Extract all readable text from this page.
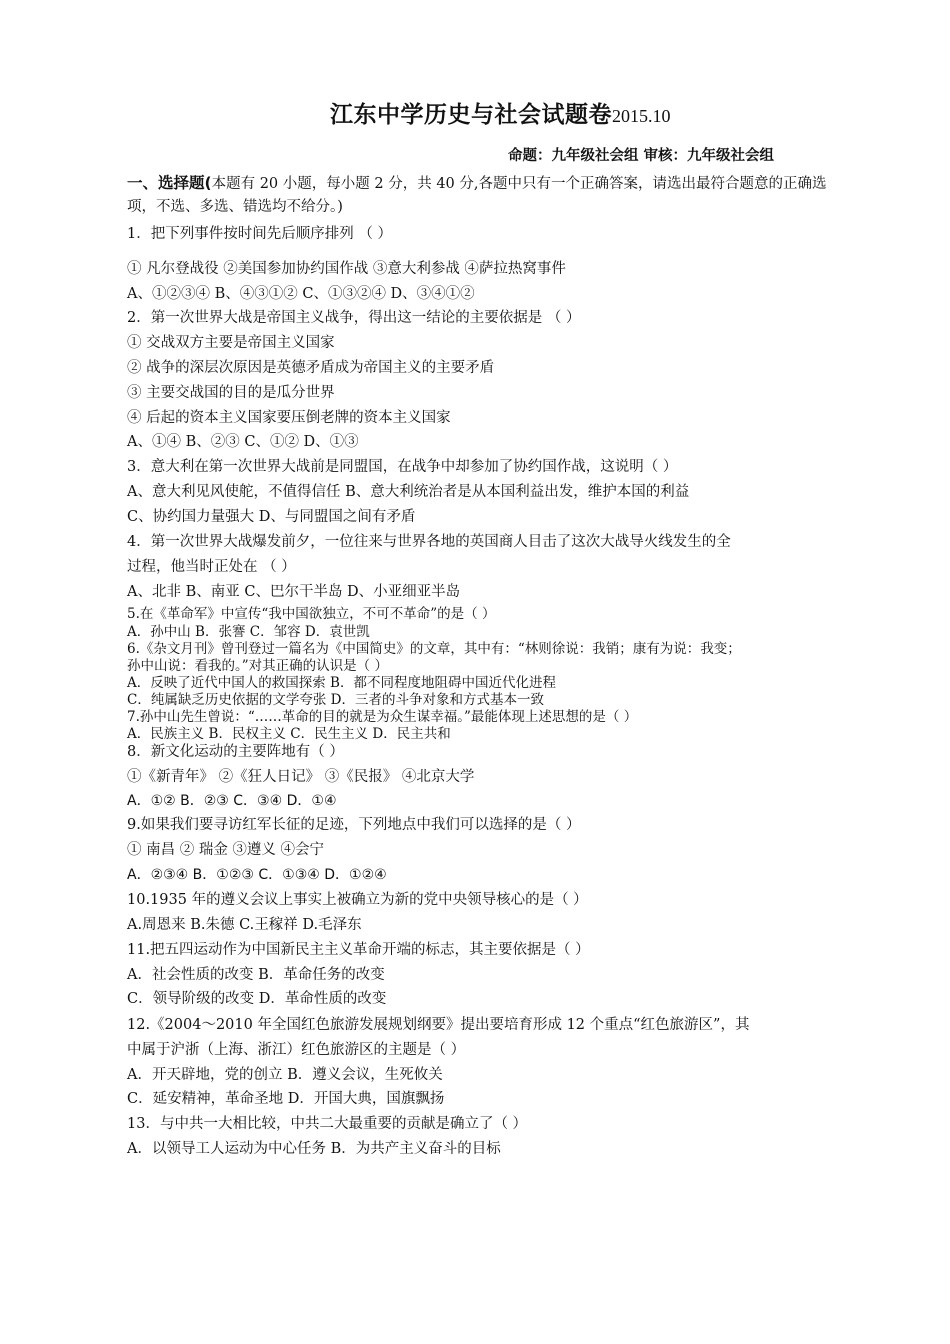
江东中学历史与社会试题卷2015.10
命题：九年级社会组 审核：九年级社会组
一、选择题(本题有 20 小题，每小题 2 分，共 40 分,各题中只有一个正确答案，请选出最符合题意的正确选项，不选、多选、错选均不给分。)
1．把下列事件按时间先后顺序排列 （ ）
① 凡尔登战役 ②美国参加协约国作战 ③意大利参战 ④萨拉热窝事件
A、①②③④ B、④③①② C、①③②④ D、③④①②
2．第一次世界大战是帝国主义战争，得出这一结论的主要依据是 （ ）
① 交战双方主要是帝国主义国家
② 战争的深层次原因是英德矛盾成为帝国主义的主要矛盾
③ 主要交战国的目的是瓜分世界
④ 后起的资本主义国家要压倒老牌的资本主义国家
A、①④ B、②③ C、①② D、①③
3．意大利在第一次世界大战前是同盟国，在战争中却参加了协约国作战，这说明（ ）
A、意大利见风使舵，不值得信任 B、意大利统治者是从本国利益出发，维护本国的利益
C、协约国力量强大 D、与同盟国之间有矛盾
4．第一次世界大战爆发前夕，一位往来与世界各地的英国商人目击了这次大战导火线发生的全
过程，他当时正处在 （ ）
A、北非 B、南亚 C、巴尔干半岛 D、小亚细亚半岛
5.在《革命军》中宣传“我中国欲独立，不可不革命”的是（ ）
A．孙中山 B．张謇 C．邹容 D．袁世凯
6.《杂文月刊》曾刊登过一篇名为《中国简史》的文章，其中有：“林则徐说：我销；康有为说：我变；
孙中山说：看我的。”对其正确的认识是（ ）
A．反映了近代中国人的救国探索 B．都不同程度地阻碍中国近代化进程
C．纯属缺乏历史依据的文学夸张 D．三者的斗争对象和方式基本一致
7.孙中山先生曾说：“……革命的目的就是为众生谋幸福。”最能体现上述思想的是（ ）
A．民族主义 B．民权主义 C．民生主义 D．民主共和
8．新文化运动的主要阵地有（ ）
①《新青年》 ②《狂人日记》 ③《民报》 ④北京大学
A．①② B．②③ C．③④ D．①④
9.如果我们要寻访红军长征的足迹，下列地点中我们可以选择的是（ ）
① 南昌 ② 瑞金 ③遵义 ④会宁
A．②③④ B．①②③ C．①③④ D．①②④
10.1935 年的遵义会议上事实上被确立为新的党中央领导核心的是（ ）
A.周恩来 B.朱德 C.王稼祥 D.毛泽东
11.把五四运动作为中国新民主主义革命开端的标志，其主要依据是（ ）
A．社会性质的改变 B．革命任务的改变
C．领导阶级的改变 D．革命性质的改变
12.《2004～2010 年全国红色旅游发展规划纲要》提出要培育形成 12 个重点“红色旅游区”，其
中属于沪浙（上海、浙江）红色旅游区的主题是（ ）
A．开天辟地，党的创立 B．遵义会议，生死攸关
C．延安精神，革命圣地 D．开国大典，国旗飘扬
13．与中共一大相比较，中共二大最重要的贡献是确立了（ ）
A．以领导工人运动为中心任务 B．为共产主义奋斗的目标
